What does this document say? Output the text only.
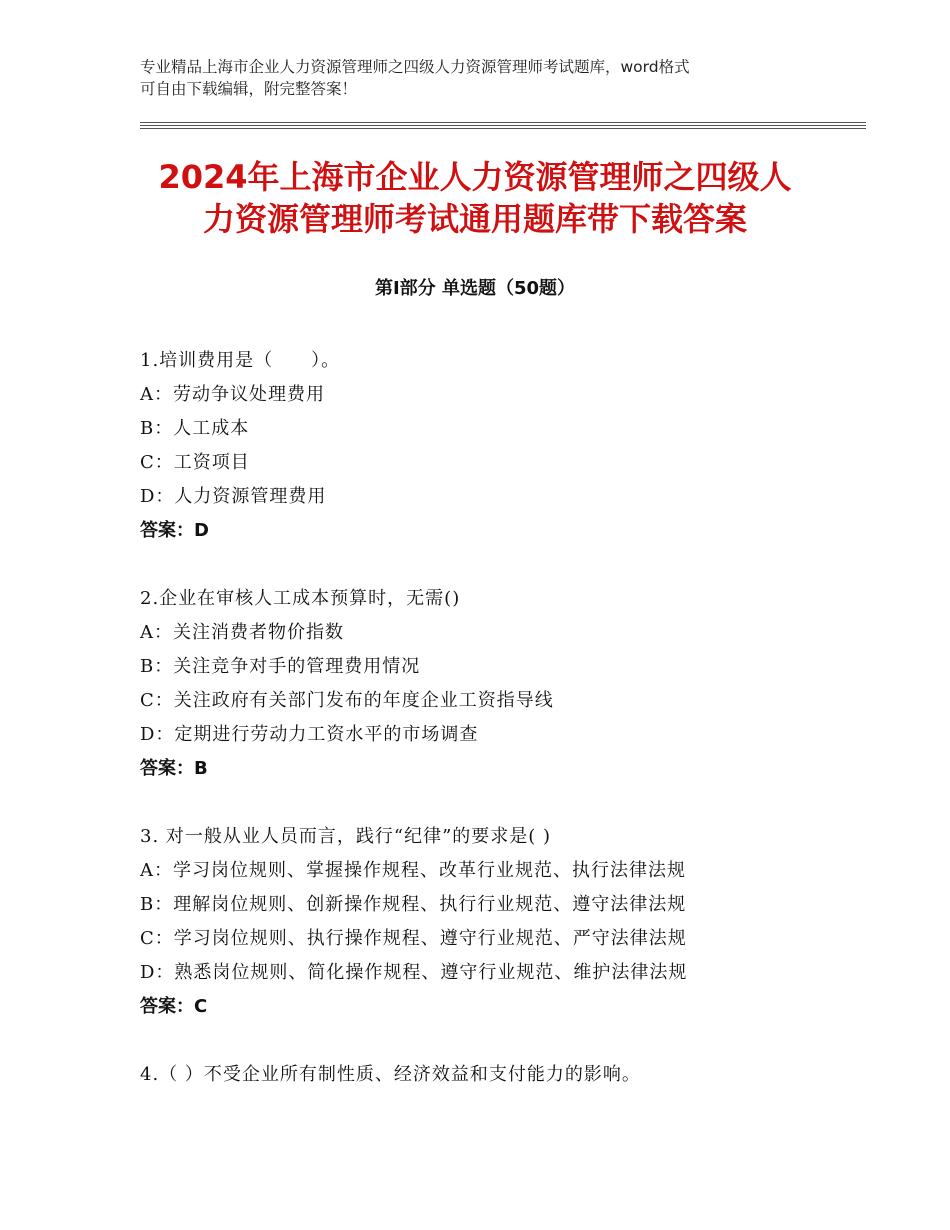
专业精品上海市企业人力资源管理师之四级人力资源管理师考试题库，word格式
可自由下载编辑，附完整答案！
2024年上海市企业人力资源管理师之四级人
力资源管理师考试通用题库带下载答案
第Ⅰ部分 单选题（50题）
1.培训费用是（　　）。
A：劳动争议处理费用
B：人工成本
C：工资项目
D：人力资源管理费用
答案：D
2.企业在审核人工成本预算时，无需()
A：关注消费者物价指数
B：关注竞争对手的管理费用情况
C：关注政府有关部门发布的年度企业工资指导线
D：定期进行劳动力工资水平的市场调查
答案：B
3. 对一般从业人员而言，践行“纪律”的要求是( )
A：学习岗位规则、掌握操作规程、改革行业规范、执行法律法规
B：理解岗位规则、创新操作规程、执行行业规范、遵守法律法规
C：学习岗位规则、执行操作规程、遵守行业规范、严守法律法规
D：熟悉岗位规则、简化操作规程、遵守行业规范、维护法律法规
答案：C
4.（ ）不受企业所有制性质、经济效益和支付能力的影响。
